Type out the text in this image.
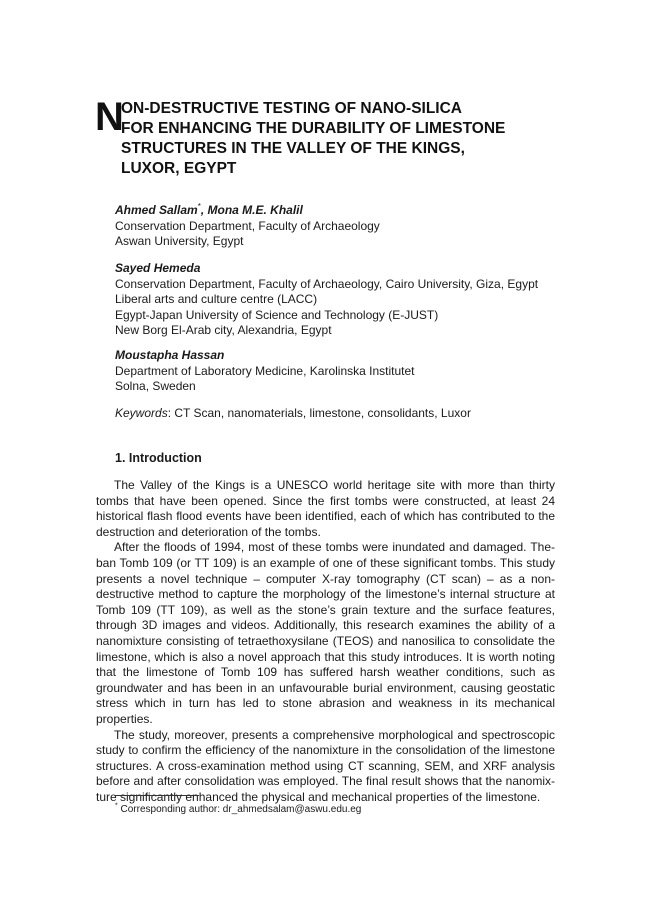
N
ON-DESTRUCTIVE TESTING OF NANO-SILICA
FOR ENHANCING THE DURABILITY OF LIMESTONE
STRUCTURES IN THE VALLEY OF THE KINGS,
LUXOR, EGYPT
Ahmed Sallam*, Mona M.E. Khalil
Conservation Department, Faculty of Archaeology
Aswan University, Egypt
Sayed Hemeda
Conservation Department, Faculty of Archaeology, Cairo University, Giza, Egypt
Liberal arts and culture centre (LACC)
Egypt-Japan University of Science and Technology (E-JUST)
New Borg El-Arab city, Alexandria, Egypt
Moustapha Hassan
Department of Laboratory Medicine, Karolinska Institutet
Solna, Sweden
Keywords: CT Scan, nanomaterials, limestone, consolidants, Luxor
1. Introduction
The Valley of the Kings is a UNESCO world heritage site with more than thirty tombs that have been opened. Since the first tombs were constructed, at least 24 historical flash flood events have been identified, each of which has contributed to the destruction and deterioration of the tombs.
After the floods of 1994, most of these tombs were inundated and damaged. The-ban Tomb 109 (or TT 109) is an example of one of these significant tombs. This study presents a novel technique – computer X-ray tomography (CT scan) – as a non-destructive method to capture the morphology of the limestone’s internal structure at Tomb 109 (TT 109), as well as the stone’s grain texture and the surface features, through 3D images and videos. Additionally, this research examines the ability of a nanomixture consisting of tetraethoxysilane (TEOS) and nanosilica to consolidate the limestone, which is also a novel approach that this study introduces. It is worth noting that the limestone of Tomb 109 has suffered harsh weather conditions, such as groundwater and has been in an unfavourable burial environment, causing geostatic stress which in turn has led to stone abrasion and weakness in its mechanical properties.
The study, moreover, presents a comprehensive morphological and spectroscopic study to confirm the efficiency of the nanomixture in the consolidation of the limestone structures. A cross-examination method using CT scanning, SEM, and XRF analysis before and after consolidation was employed. The final result shows that the nanomix-ture significantly enhanced the physical and mechanical properties of the limestone.
* Corresponding author: dr_ahmedsalam@aswu.edu.eg
